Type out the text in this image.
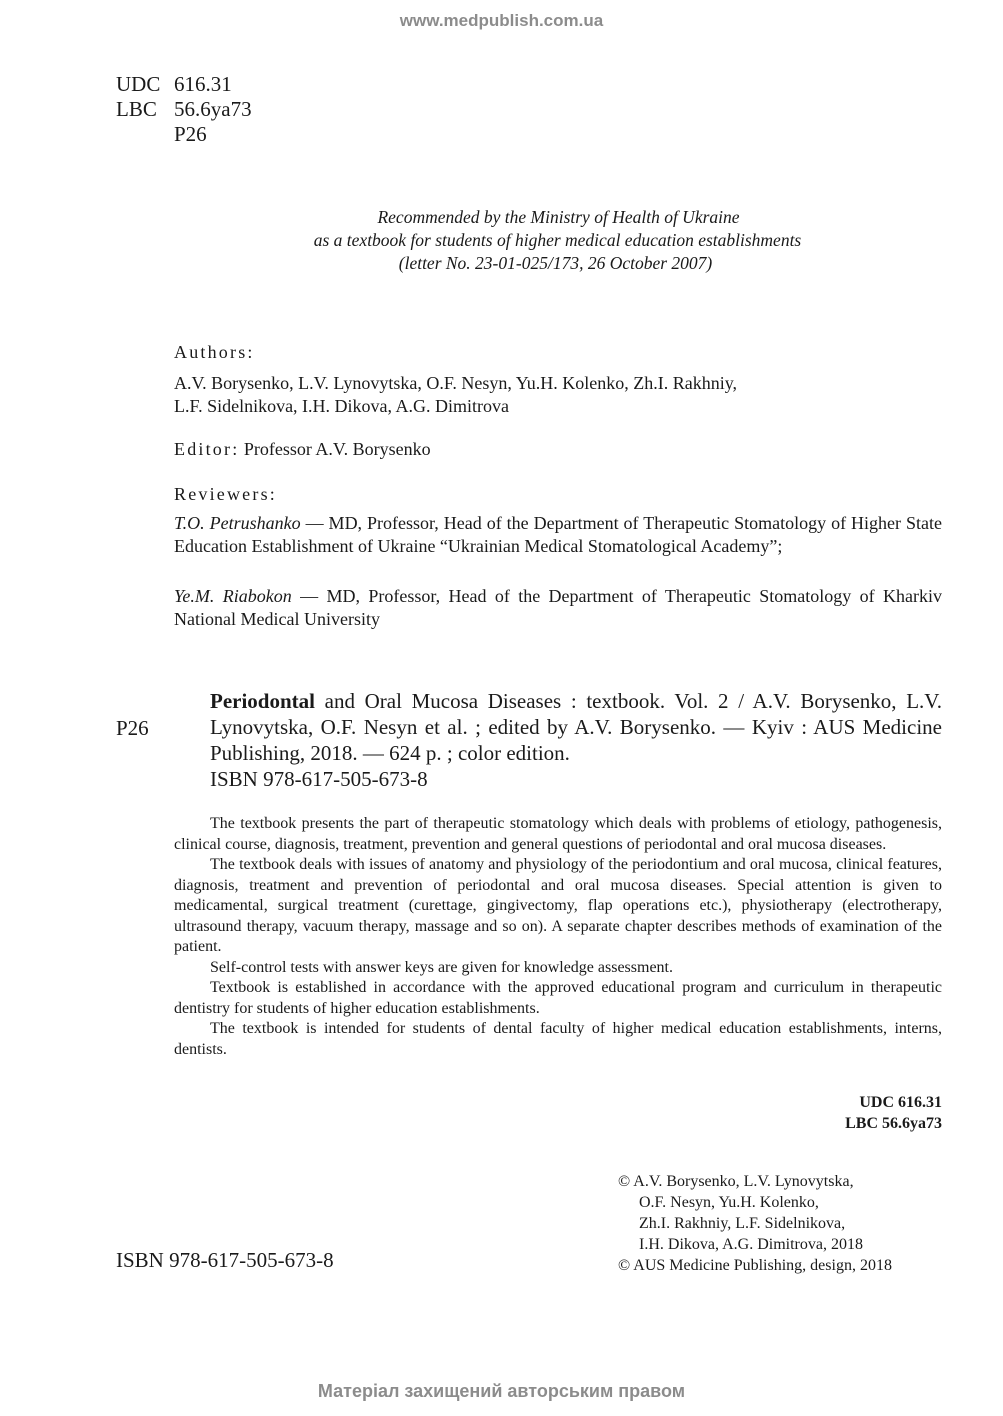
www.medpublish.com.ua
UDC 616.31
LBC 56.6ya73
P26
Recommended by the Ministry of Health of Ukraine
as a textbook for students of higher medical education establishments
(letter No. 23-01-025/173, 26 October 2007)
Authors:
A.V. Borysenko, L.V. Lynovytska, O.F. Nesyn, Yu.H. Kolenko, Zh.I. Rakhniy,
L.F. Sidelnikova, I.H. Dikova, A.G. Dimitrova
Editor: Professor A.V. Borysenko
Reviewers:
T.O. Petrushanko — MD, Professor, Head of the Department of Therapeutic Stomatology of Higher State Education Establishment of Ukraine “Ukrainian Medical Stomatological Academy”;
Ye.M. Riabokon — MD, Professor, Head of the Department of Therapeutic Stomatology of Kharkiv National Medical University
P26
Periodontal and Oral Mucosa Diseases : textbook. Vol. 2 / A.V. Borysenko, L.V. Lynovytska, O.F. Nesyn et al. ; edited by A.V. Borysenko. — Kyiv : AUS Medicine Publishing, 2018. — 624 p. ; color edition.
ISBN 978-617-505-673-8

The textbook presents the part of therapeutic stomatology which deals with problems of etiology, pathogenesis, clinical course, diagnosis, treatment, prevention and general questions of periodontal and oral mucosa diseases.

The textbook deals with issues of anatomy and physiology of the periodontium and oral mucosa, clinical features, diagnosis, treatment and prevention of periodontal and oral mucosa diseases. Special attention is given to medicamental, surgical treatment (curettage, gingivectomy, flap operations etc.), physiotherapy (electrotherapy, ultrasound therapy, vacuum therapy, massage and so on). A separate chapter describes methods of examination of the patient.

Self-control tests with answer keys are given for knowledge assessment.

Textbook is established in accordance with the approved educational program and curriculum in therapeutic dentistry for students of higher education establishments.

The textbook is intended for students of dental faculty of higher medical education establishments, interns, dentists.

UDC 616.31
LBC 56.6ya73
© A.V. Borysenko, L.V. Lynovytska,
O.F. Nesyn, Yu.H. Kolenko,
Zh.I. Rakhniy, L.F. Sidelnikova,
I.H. Dikova, A.G. Dimitrova, 2018
© AUS Medicine Publishing, design, 2018
ISBN 978-617-505-673-8
Матеріал захищений авторським правом
